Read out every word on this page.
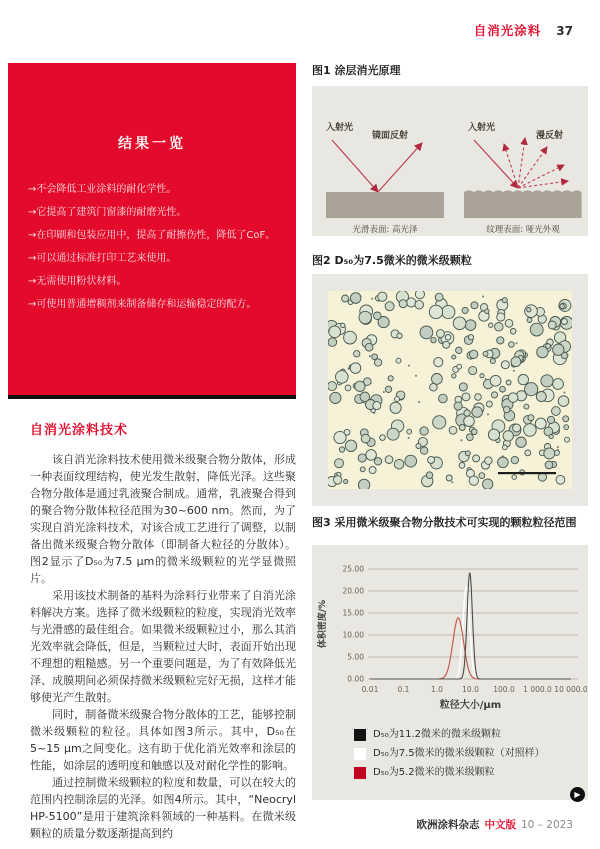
自消光涂料 37
结果一览
→不会降低工业涂料的耐化学性。
→它提高了建筑门窗漆的耐磨光性。
→在印刷和包装应用中，提高了耐擦伤性，降低了CoF。
→可以通过标准打印工艺来使用。
→无需使用粉状材料。
→可使用普通增稠剂来制备储存和运输稳定的配方。
自消光涂料技术

该自消光涂料技术使用微米级聚合物分散体，形成一种表面纹理结构，使光发生散射，降低光泽。这些聚合物分散体是通过乳液聚合制成。通常，乳液聚合得到的聚合物分散体粒径范围为30~600 nm。然而，为了实现自消光涂料技术，对该合成工艺进行了调整，以制备出微米级聚合物分散体（即制备大粒径的分散体）。图2显示了D₅₀为7.5 µm的微米级颗粒的光学显微照片。

采用该技术制备的基料为涂料行业带来了自消光涂料解决方案。选择了微米级颗粒的粒度，实现消光效率与光滑感的最佳组合。如果微米级颗粒过小，那么其消光效率就会降低，但是，当颗粒过大时，表面开始出现不理想的粗糙感。另一个重要问题是，为了有效降低光泽、成膜期间必须保持微米级颗粒完好无损，这样才能够使光产生散射。

同时，制备微米级聚合物分散体的工艺，能够控制微米级颗粒的粒径。具体如图3所示。其中，D₅₀在5~15 µm之间变化。这有助于优化消光效率和涂层的性能，如涂层的透明度和触感以及对耐化学性的影响。

通过控制微米级颗粒的粒度和数量，可以在较大的范围内控制涂层的光泽。如图4所示。其中，“Neocryl HP-5100”是用于建筑涂料领域的一种基料。在微米级颗粒的质量分数逐渐提高到约

图1 涂层消光原理
入射光
镜面反射
光滑表面: 高光泽
入射光
漫反射
纹理表面: 哑光外观
图2 D₅₀为7.5微米的微米级颗粒
图3 采用微米级聚合物分散技术可实现的颗粒粒径范围
0.00
5.00
10.00
15.00
20.00
25.00
0.01	0.1	1.0	10.0 100.0 1 000.0 10 000.0
粒径大小/µm
体积密度/%
D₅₀为11.2微米的微米级颗粒
D₅₀为7.5微米的微米级颗粒（对照样）
D₅₀为5.2微米的微米级颗粒
▶
欧洲涂料杂志 中文版 10 – 2023
